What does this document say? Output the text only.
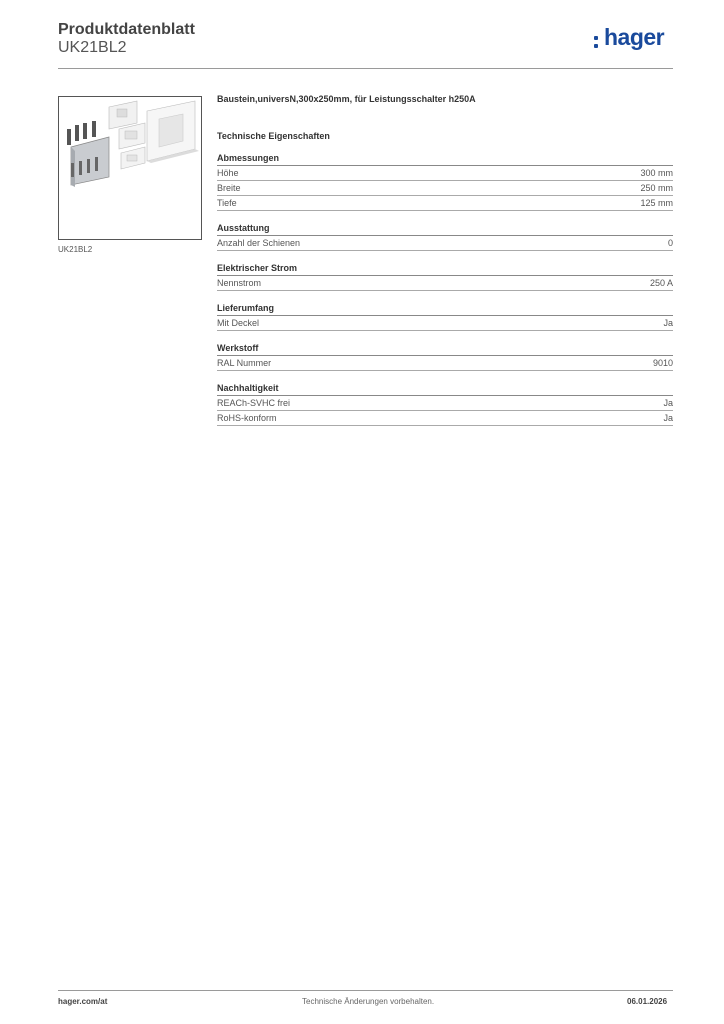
Produktdatenblatt
UK21BL2	hager
UK21BL2
Baustein,universN,300x250mm, für Leistungsschalter h250A
Technische Eigenschaften
Abmessungen
Höhe	300 mm
Breite	250 mm
Tiefe	125 mm
Ausstattung
Anzahl der Schienen	0
Elektrischer Strom
Nennstrom	250 A
Lieferumfang
Mit Deckel	Ja
Werkstoff
RAL Nummer	9010
Nachhaltigkeit
REACh-SVHC frei	Ja
RoHS-konform	Ja
hager.com/at	Technische Änderungen vorbehalten.	06.01.2026
